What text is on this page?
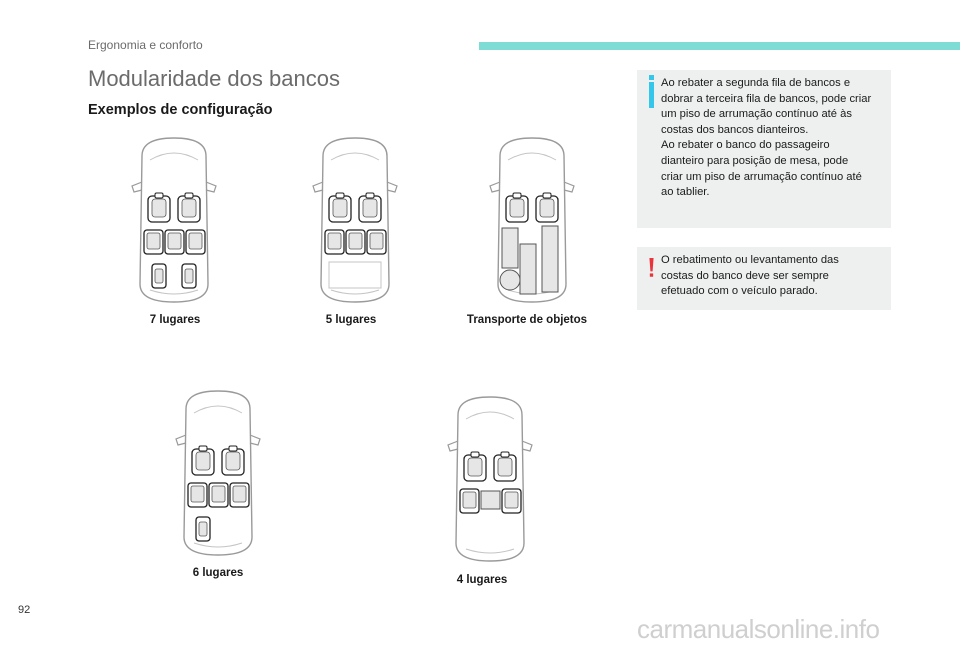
Ergonomia e conforto
Modularidade dos bancos
Exemplos de configuração
7 lugares	5 lugares	Transporte de objetos
6 lugares
4 lugares
Ao rebater a segunda fila de bancos e
dobrar a terceira fila de bancos, pode criar
um piso de arrumação contínuo até às
costas dos bancos dianteiros.
Ao rebater o banco do passageiro
dianteiro para posição de mesa, pode
criar um piso de arrumação contínuo até
ao tablier.
O rebatimento ou levantamento das
costas do banco deve ser sempre
efetuado com o veículo parado.
92
carmanualsonline.info
